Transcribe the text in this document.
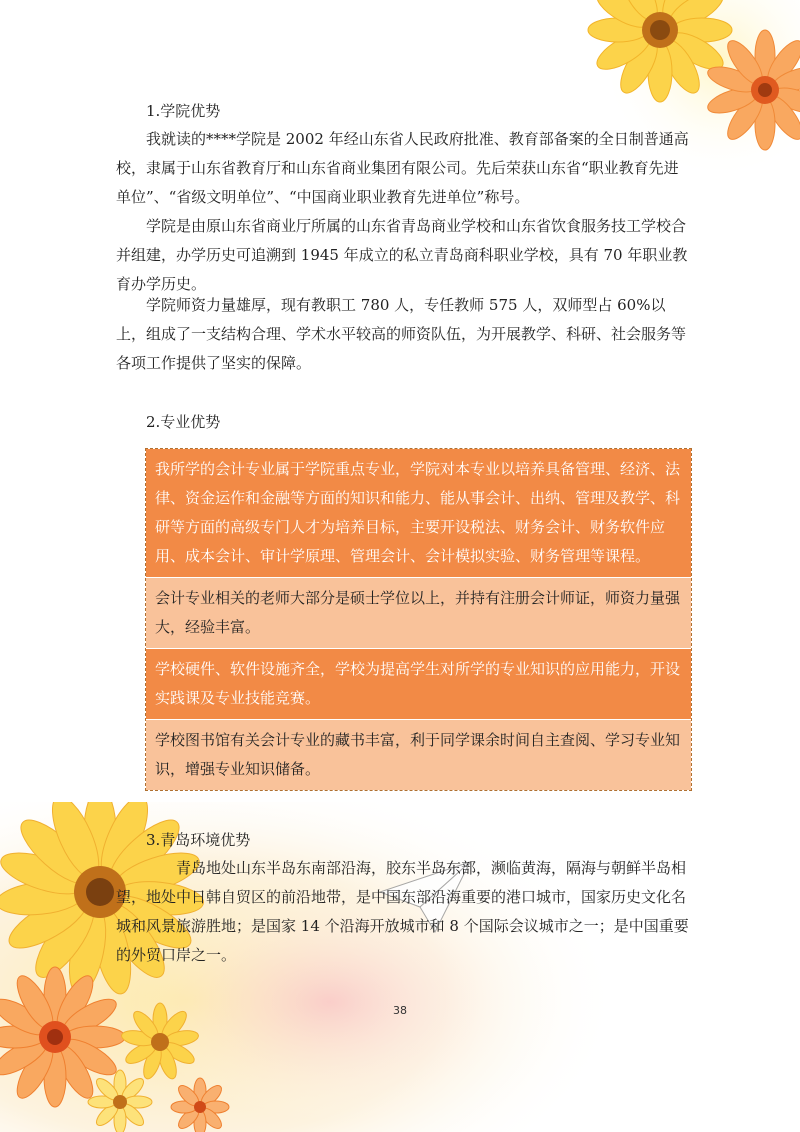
1.学院优势

我就读的****学院是 2002 年经山东省人民政府批准、教育部备案的全日制普通高校，隶属于山东省教育厅和山东省商业集团有限公司。先后荣获山东省“职业教育先进单位”、“省级文明单位”、“中国商业职业教育先进单位”称号。

学院是由原山东省商业厅所属的山东省青岛商业学校和山东省饮食服务技工学校合并组建，办学历史可追溯到 1945 年成立的私立青岛商科职业学校，具有 70 年职业教育办学历史。

学院师资力量雄厚，现有教职工 780 人，专任教师 575 人，双师型占 60%以上，组成了一支结构合理、学术水平较高的师资队伍，为开展教学、科研、社会服务等各项工作提供了坚实的保障。

2.专业优势
我所学的会计专业属于学院重点专业，学院对本专业以培养具备管理、经济、法律、资金运作和金融等方面的知识和能力、能从事会计、出纳、管理及教学、科研等方面的高级专门人才为培养目标，主要开设税法、财务会计、财务软件应用、成本会计、审计学原理、管理会计、会计模拟实验、财务管理等课程。
会计专业相关的老师大部分是硕士学位以上，并持有注册会计师证，师资力量强大，经验丰富。
学校硬件、软件设施齐全，学校为提高学生对所学的专业知识的应用能力，开设实践课及专业技能竞赛。
学校图书馆有关会计专业的藏书丰富，利于同学课余时间自主查阅、学习专业知识，增强专业知识储备。
3.青岛环境优势

青岛地处山东半岛东南部沿海，胶东半岛东部，濒临黄海，隔海与朝鲜半岛相望，地处中日韩自贸区的前沿地带，是中国东部沿海重要的港口城市，国家历史文化名城和风景旅游胜地；是国家 14 个沿海开放城市和 8 个国际会议城市之一；是中国重要的外贸口岸之一。

38
